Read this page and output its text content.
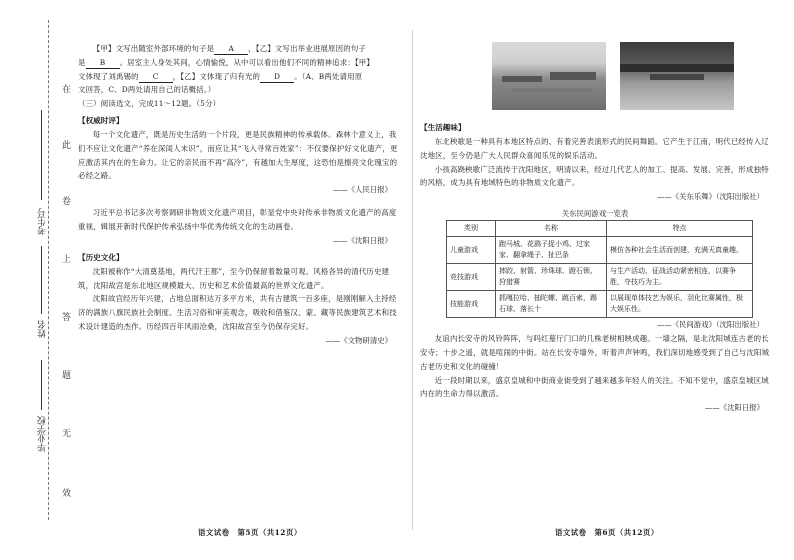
在
此
卷
上
答
题
无
效
考生号
姓名
毕业学校

【甲】文写出随室外部环境的句子是 A ，【乙】文写出举业进展原因的句子

是 B 。居室主人身处其间，心情愉悦，从中可以看出他们不同的精神追求：【甲】

文体现了刘禹锡的 C ，【乙】文体现了归有光的 D 。（A、B两处请用原

文回答，C、D两处请用自己的话概括。）

（三）阅读选文，完成11～12题。（5分）

【权威时评】

每一个文化遗产，既是历史生活的一个片段，更是民族精神的传承载体。森林个意义上，我们不应让文化遗产“养在深闺人未识”，而应让其“飞入寻常百姓家”：不仅要保护好文化遗产，更应激活其内在的生命力。让它的亲民而不再“高冷”，有越加大生厚度，这恐怕是擦亮文化瑰宝的必经之路。

——《人民日报》

习近平总书记多次考察调研非物质文化遗产项目，彰显党中央对传承非物质文化遗产的高度重视，辑展开新时代保护传承弘扬中华优秀传统文化的生动画卷。

——《沈阳日报》

【历史文化】

沈阳被称作“大清奠基地，两代汗王都”，至今仍保留着数量可观、风格各异的清代历史建筑，沈阳故宫是东北地区规模最大、历史和艺术价值最高的世界文化遗产。

沈阳故宫经历年兴建，占地总面积达万多平方米，共有古建筑一百多座，是刚刚解入主持经济的满族八旗民族社会制度、生活习俗和审美观念，吸收和借鉴汉、蒙、藏等民族建筑艺术和技术设计建造的杰作。历经四百年风雨沧桑，沈阳故宫至今仍保存完好。

——《文物研清史》

语文试卷　第5页（共12页）

【生活趣味】

东北秧歌是一种具有本地区特点的、有着完善表演形式的民间舞蹈。它产生于江南，明代已经传入辽沈地区，至今仍是广大人民群众喜闻乐见的娱乐活动。

小孩高跷秧歌广泛流传于沈阳地区，明清以来，经过几代艺人的加工、提高、发展、完善，形成独特的风格，成为具有地域特色的非物质文化遗产。

——《关东乐舞》（沈阳出版社）

关东民间游戏一览表

类别	名称	特点
儿童游戏	跑马城、花鹞子捉小鸡、过家家、翻拿绳子、扯巴条	模仿各种社会生活而创建，充满天真童趣。
竞技游戏	摔跤、射箭、珍珠球、蹬石锁、狩猎赛	与生产活动、征战活动紧密相连，以赛争胜，夺技巧为主。
技能游戏	抓嘎拉哈、抽陀螺、跳百索、踢石球、落长十	以展现单体技艺为娱乐，羽化比赛属性，极大娱乐性。

——《民间游戏》（沈阳出版社）

友谊内长安寺的风铃阵阵，与吗红墓厅门口的几株老树相映成趣。一墙之隔，是北沈阳城连古老的长安寺；十步之遥，就是喧闹的中街。站在长安寺墙外，听着声声钟鸣，我们深切地感受到了自己与沈阳城古老历史和文化的碰撞！

近一段时期以来，盛京皇城和中街商业街受到了越来越多年轻人的关注。不知不觉中，盛京皇城区域内在的生命力得以激活。

——《沈阳日报》

语文试卷　第6页（共12页）
